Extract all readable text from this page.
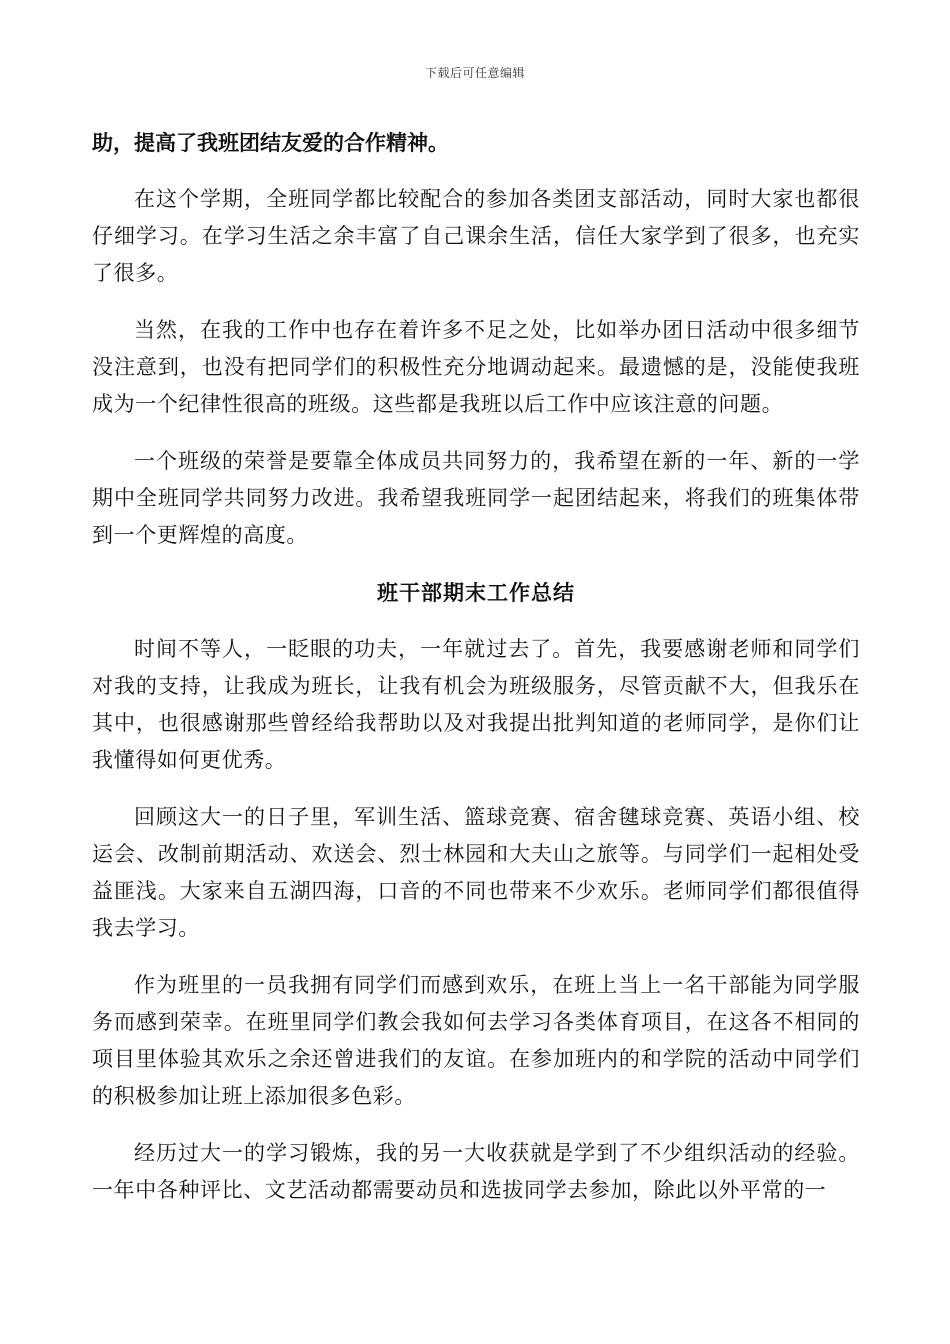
下载后可任意编辑

助，提高了我班团结友爱的合作精神。

在这个学期，全班同学都比较配合的参加各类团支部活动，同时大家也都很仔细学习。在学习生活之余丰富了自己课余生活，信任大家学到了很多，也充实了很多。

当然，在我的工作中也存在着许多不足之处，比如举办团日活动中很多细节没注意到，也没有把同学们的积极性充分地调动起来。最遗憾的是，没能使我班成为一个纪律性很高的班级。这些都是我班以后工作中应该注意的问题。

一个班级的荣誉是要靠全体成员共同努力的，我希望在新的一年、新的一学期中全班同学共同努力改进。我希望我班同学一起团结起来，将我们的班集体带到一个更辉煌的高度。

班干部期末工作总结

时间不等人，一眨眼的功夫，一年就过去了。首先，我要感谢老师和同学们对我的支持，让我成为班长，让我有机会为班级服务，尽管贡献不大，但我乐在其中，也很感谢那些曾经给我帮助以及对我提出批判知道的老师同学，是你们让我懂得如何更优秀。

回顾这大一的日子里，军训生活、篮球竞赛、宿舍毽球竞赛、英语小组、校运会、改制前期活动、欢送会、烈士林园和大夫山之旅等。与同学们一起相处受益匪浅。大家来自五湖四海，口音的不同也带来不少欢乐。老师同学们都很值得我去学习。

作为班里的一员我拥有同学们而感到欢乐，在班上当上一名干部能为同学服务而感到荣幸。在班里同学们教会我如何去学习各类体育项目，在这各不相同的项目里体验其欢乐之余还曾进我们的友谊。在参加班内的和学院的活动中同学们的积极参加让班上添加很多色彩。

经历过大一的学习锻炼，我的另一大收获就是学到了不少组织活动的经验。一年中各种评比、文艺活动都需要动员和选拔同学去参加，除此以外平常的一
